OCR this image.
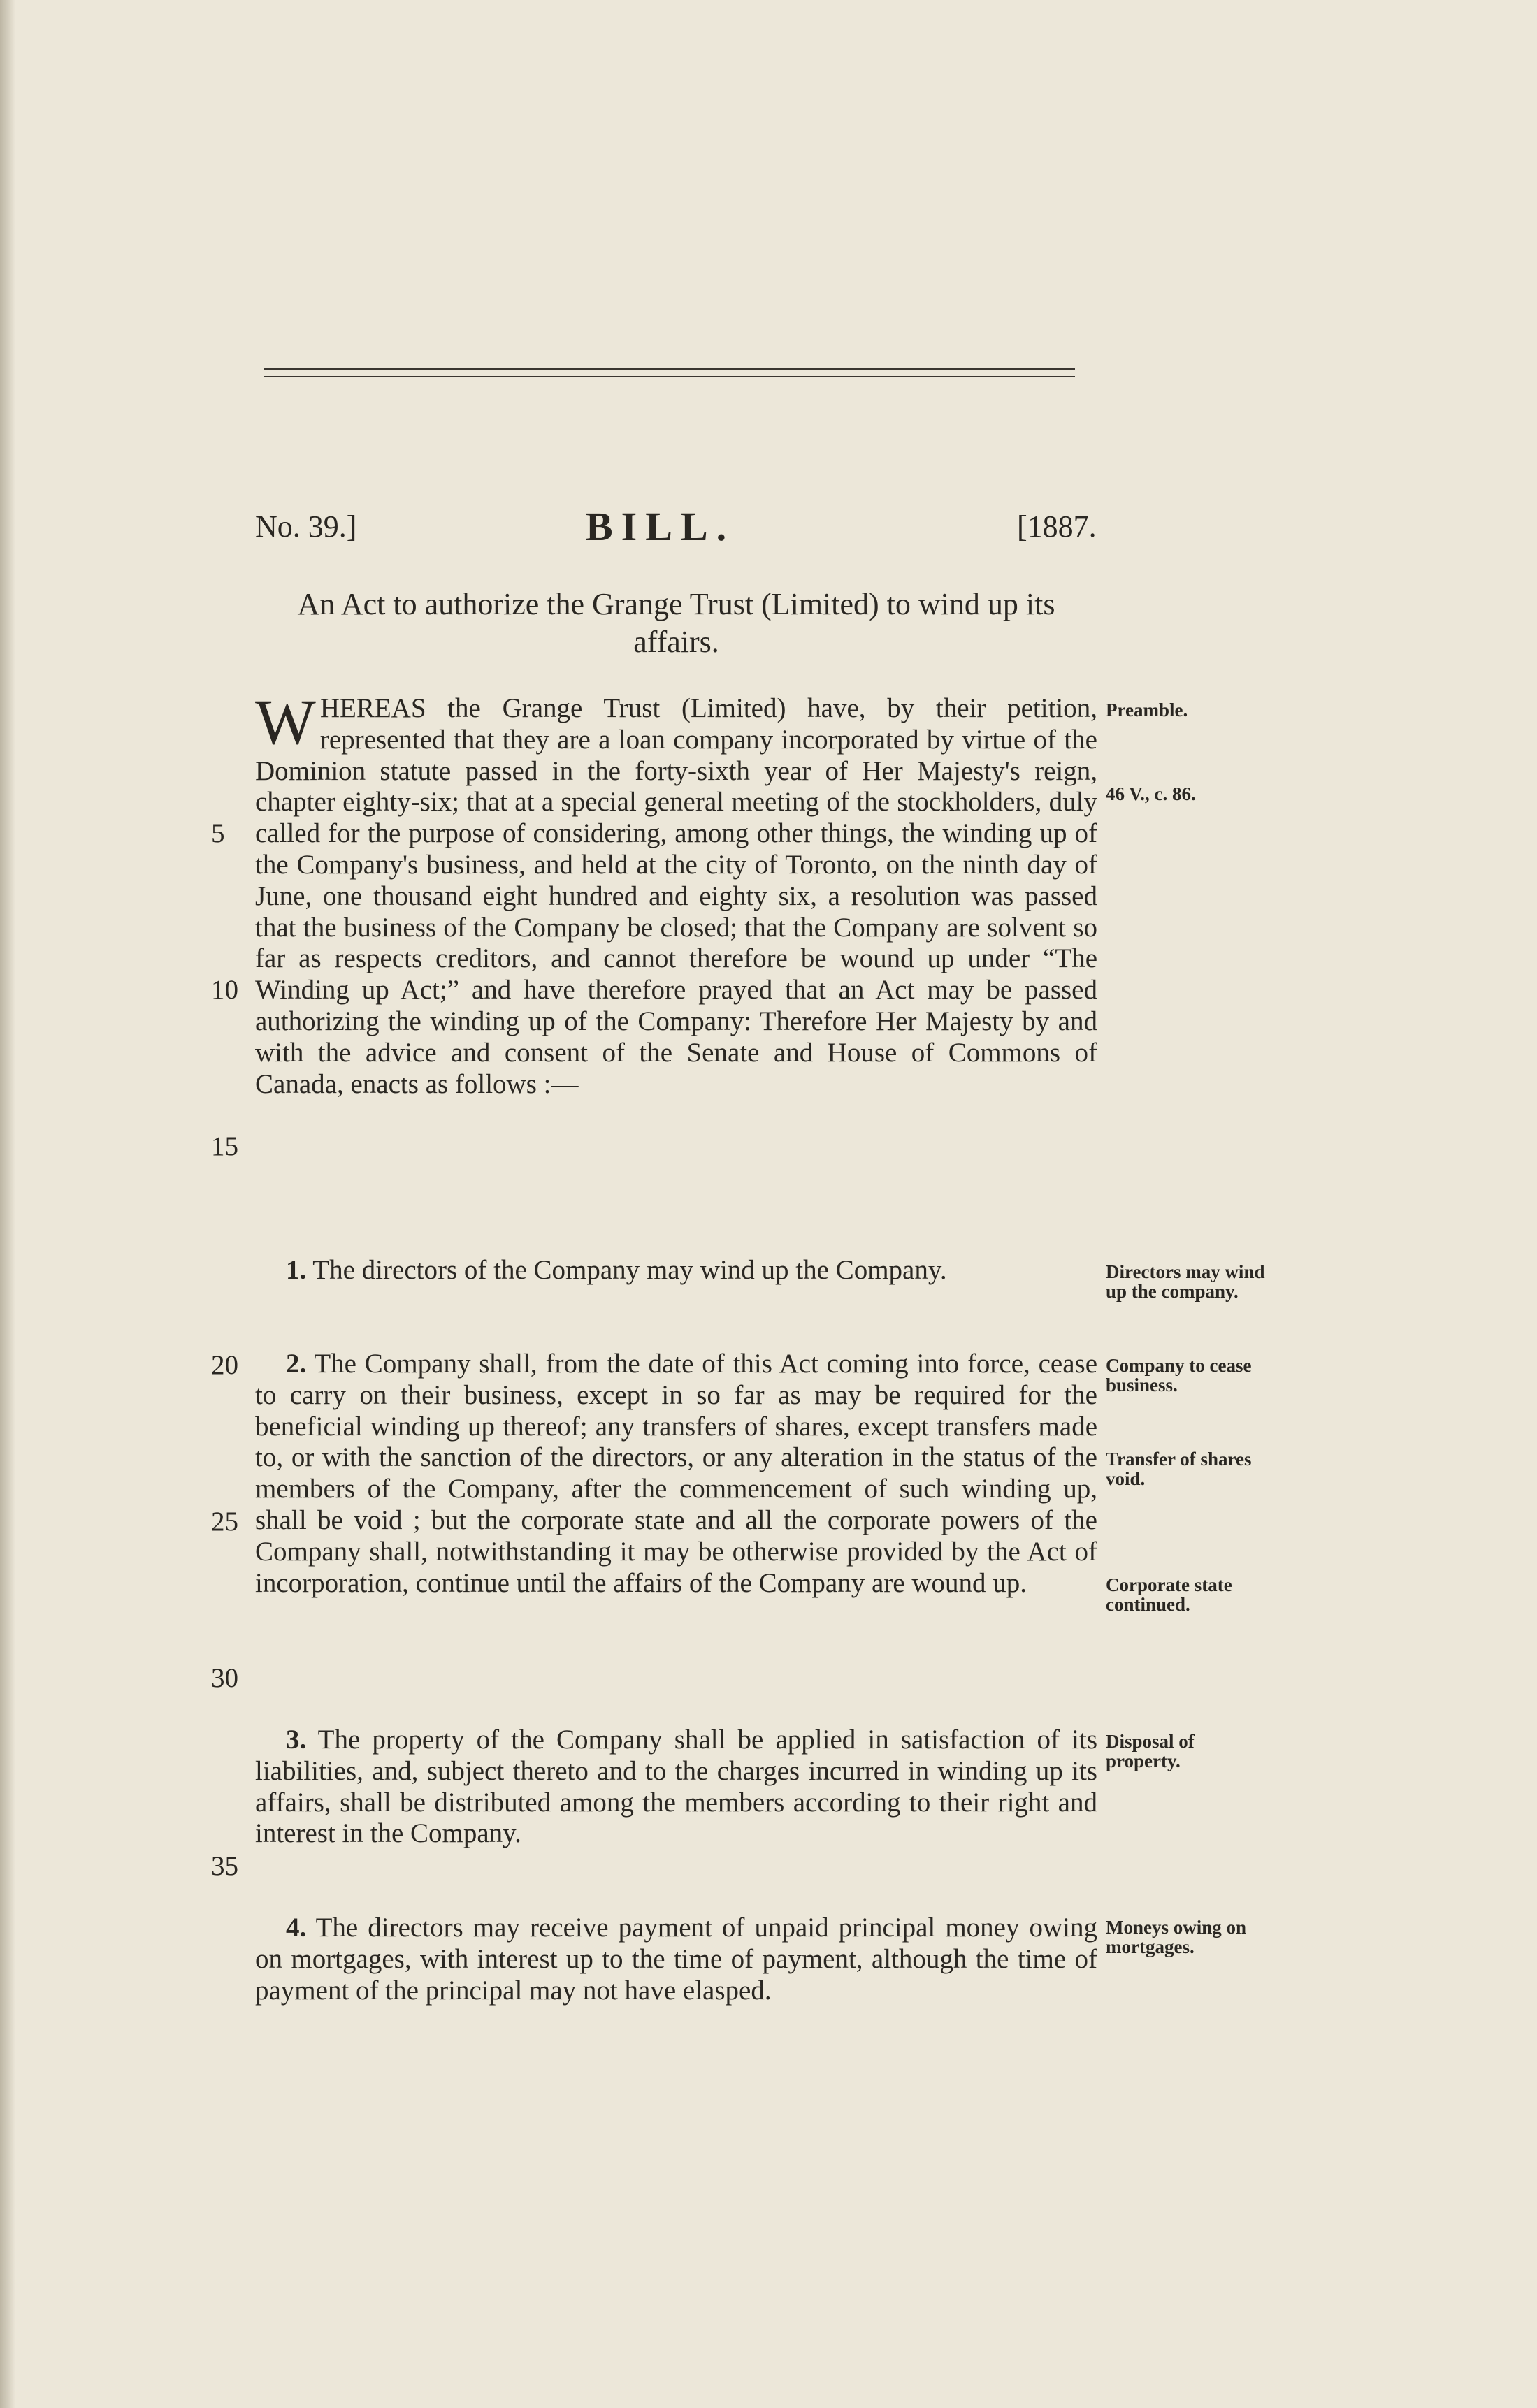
No. 39.]	BILL.	[1887.
An Act to authorize the Grange Trust (Limited) to wind up its affairs.
WHEREAS the Grange Trust (Limited) have, by their petition, represented that they are a loan company incorporated by virtue of the Dominion statute passed in the forty-sixth year of Her Majesty's reign, chapter eighty-six; that at a special general meeting of the stockholders, duly called for the purpose of considering, among other things, the winding up of the Company's business, and held at the city of Toronto, on the ninth day of June, one thousand eight hundred and eighty six, a resolution was passed that the business of the Company be closed; that the Company are solvent so far as respects creditors, and cannot therefore be wound up under “The Winding up Act;” and have therefore prayed that an Act may be passed authorizing the winding up of the Company: Therefore Her Majesty by and with the advice and consent of the Senate and House of Commons of Canada, enacts as follows :—
1. The directors of the Company may wind up the Company.
2. The Company shall, from the date of this Act coming into force, cease to carry on their business, except in so far as may be required for the beneficial winding up thereof; any transfers of shares, except transfers made to, or with the sanction of the directors, or any alteration in the status of the members of the Company, after the commencement of such winding up, shall be void ; but the corporate state and all the corporate powers of the Company shall, notwithstanding it may be otherwise provided by the Act of incorporation, continue until the affairs of the Company are wound up.
3. The property of the Company shall be applied in satisfaction of its liabilities, and, subject thereto and to the charges incurred in winding up its affairs, shall be distributed among the members according to their right and interest in the Company.
4. The directors may receive payment of unpaid principal money owing on mortgages, with interest up to the time of payment, although the time of payment of the principal may not have elasped.
5
10
15
20
25
30
35
Preamble.
46 V., c. 86.
Directors may wind up the company.
Company to cease business.
Transfer of shares void.
Corporate state continued.
Disposal of property.
Moneys owing on mortgages.
